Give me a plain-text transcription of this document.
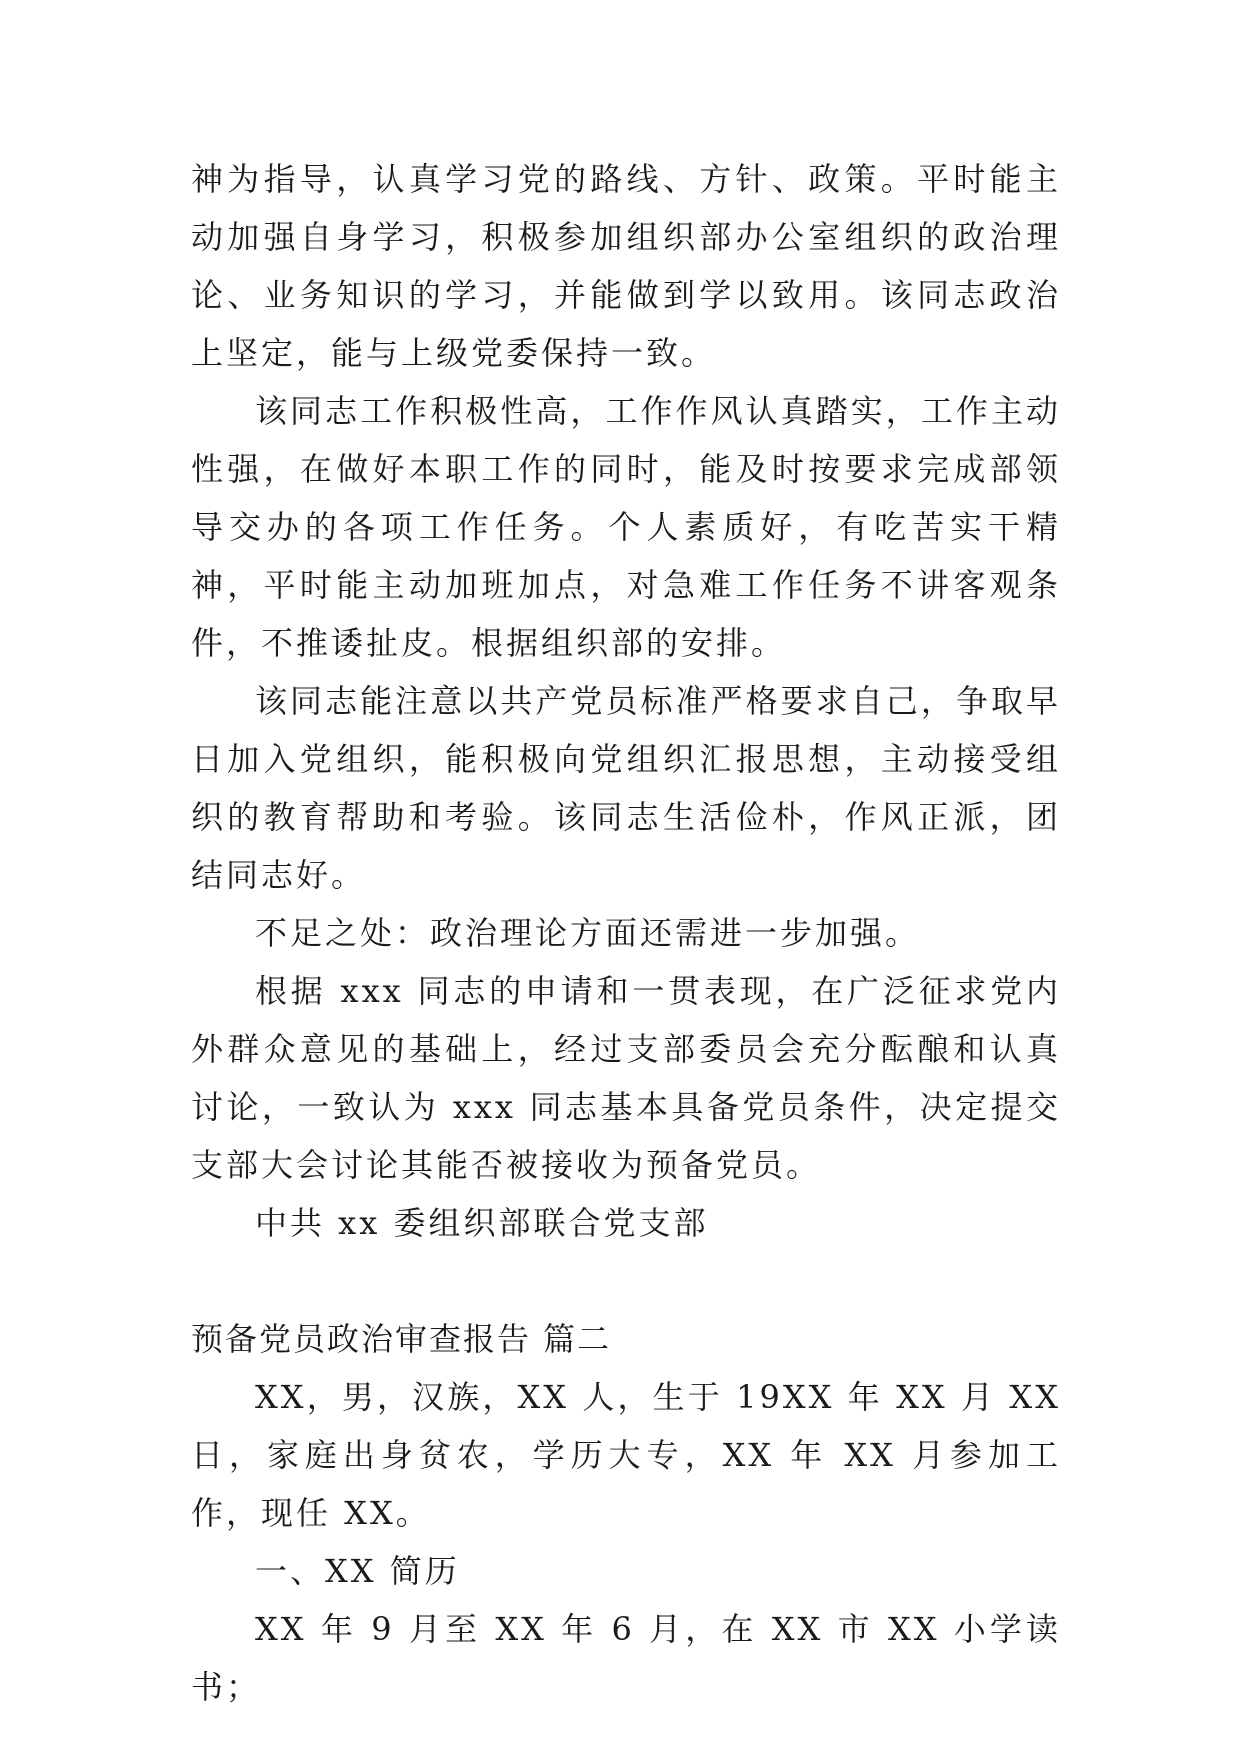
神为指导，认真学习党的路线、方针、政策。平时能主动加强自身学习，积极参加组织部办公室组织的政治理论、业务知识的学习，并能做到学以致用。该同志政治上坚定，能与上级党委保持一致。

该同志工作积极性高，工作作风认真踏实，工作主动性强，在做好本职工作的同时，能及时按要求完成部领导交办的各项工作任务。个人素质好，有吃苦实干精神，平时能主动加班加点，对急难工作任务不讲客观条件，不推诿扯皮。根据组织部的安排。

该同志能注意以共产党员标准严格要求自己，争取早日加入党组织，能积极向党组织汇报思想，主动接受组织的教育帮助和考验。该同志生活俭朴，作风正派，团结同志好。

不足之处：政治理论方面还需进一步加强。

根据 xxx 同志的申请和一贯表现，在广泛征求党内外群众意见的基础上，经过支部委员会充分酝酿和认真讨论，一致认为 xxx 同志基本具备党员条件，决定提交支部大会讨论其能否被接收为预备党员。

中共 xx 委组织部联合党支部

预备党员政治审查报告 篇二

XX，男，汉族，XX 人，生于 19XX 年 XX 月 XX 日，家庭出身贫农，学历大专，XX 年 XX 月参加工作，现任 XX。

一、XX 简历

XX 年 9 月至 XX 年 6 月，在 XX 市 XX 小学读书；
